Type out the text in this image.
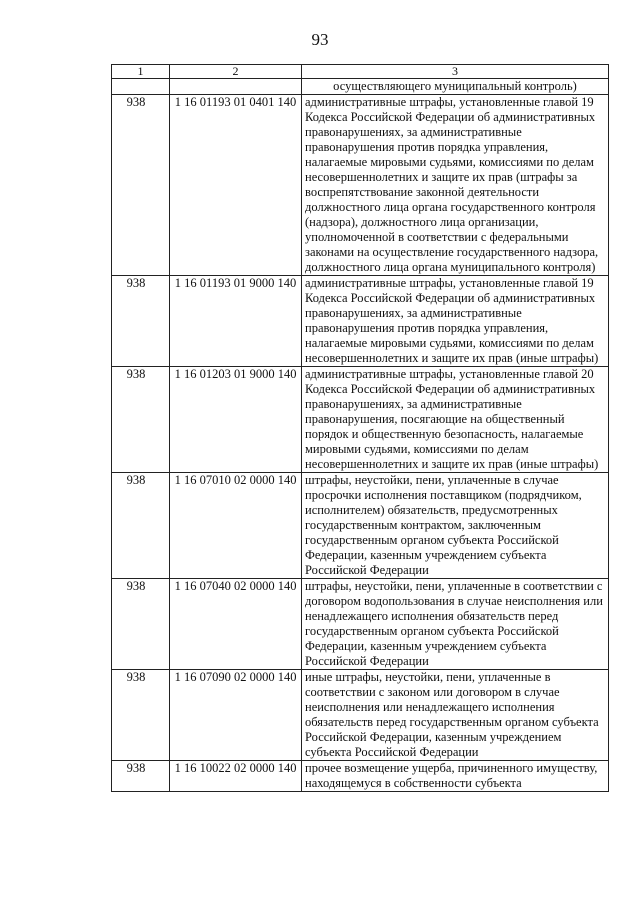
93
1	2	3
		осуществляющего муниципальный контроль)
938	1 16 01193 01 0401 140	административные штрафы, установленные главой 19 Кодекса Российской Федерации об административных правонарушениях, за административные правонарушения против порядка управления, налагаемые мировыми судьями, комиссиями по делам несовершеннолетних и защите их прав (штрафы за воспрепятствование законной деятельности должностного лица органа государственного контроля (надзора), должностного лица организации, уполномоченной в соответствии с федеральными законами на осуществление государственного надзора, должностного лица органа муниципального контроля)
938	1 16 01193 01 9000 140	административные штрафы, установленные главой 19 Кодекса Российской Федерации об административных правонарушениях, за административные правонарушения против порядка управления, налагаемые мировыми судьями, комиссиями по делам несовершеннолетних и защите их прав (иные штрафы)
938	1 16 01203 01 9000 140	административные штрафы, установленные главой 20 Кодекса Российской Федерации об административных правонарушениях, за административные правонарушения, посягающие на общественный порядок и общественную безопасность, налагаемые мировыми судьями, комиссиями по делам несовершеннолетних и защите их прав (иные штрафы)
938	1 16 07010 02 0000 140	штрафы, неустойки, пени, уплаченные в случае просрочки исполнения поставщиком (подрядчиком, исполнителем) обязательств, предусмотренных государственным контрактом, заключенным государственным органом субъекта Российской Федерации, казенным учреждением субъекта Российской Федерации
938	1 16 07040 02 0000 140	штрафы, неустойки, пени, уплаченные в соответствии с договором водопользования в случае неисполнения или ненадлежащего исполнения обязательств перед государственным органом субъекта Российской Федерации, казенным учреждением субъекта Российской Федерации
938	1 16 07090 02 0000 140	иные штрафы, неустойки, пени, уплаченные в соответствии с законом или договором в случае неисполнения или ненадлежащего исполнения обязательств перед государственным органом субъекта Российской Федерации, казенным учреждением субъекта Российской Федерации
938	1 16 10022 02 0000 140	прочее возмещение ущерба, причиненного имуществу, находящемуся в собственности субъекта
